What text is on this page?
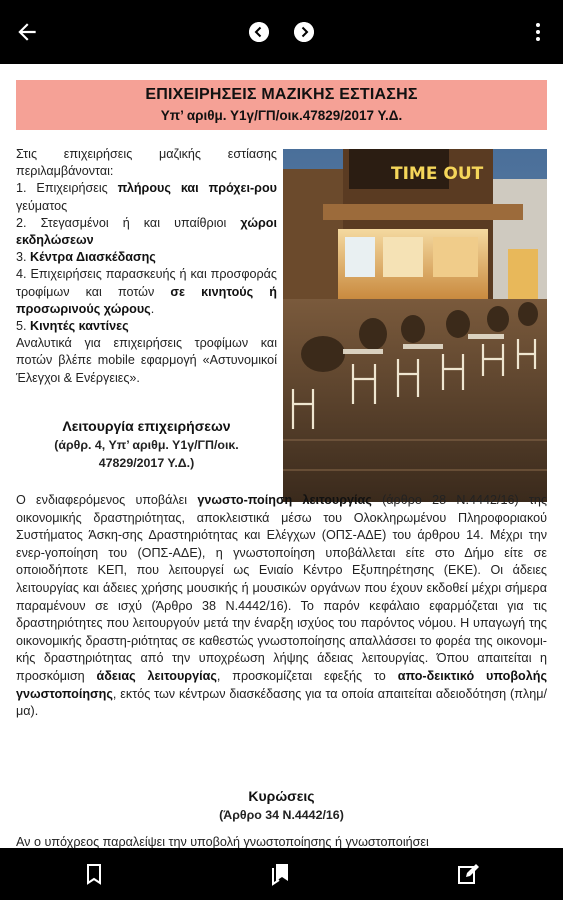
ΕΠΙΧΕΙΡΗΣΕΙΣ ΜΑΖΙΚΗΣ ΕΣΤΙΑΣΗΣ
Υπ’ αριθμ. Υ1γ/ΓΠ/οικ.47829/2017 Υ.Δ.

Στις επιχειρήσεις μαζικής εστίασης περιλαμβάνονται:

1. Επιχειρήσεις πλήρους και πρόχει-ρου γεύματος

2. Στεγασμένοι ή και υπαίθριοι χώροι εκδηλώσεων

3. Κέντρα Διασκέδασης

4. Επιχειρήσεις παρασκευής ή και προσφοράς τροφίμων και ποτών σε κινητούς ή προσωρινούς χώρους.

5. Κινητές καντίνες

Αναλυτικά για επιχειρήσεις τροφίμων και ποτών βλέπε mobile εφαρμογή «Αστυνομικοί Έλεγχοι & Ενέργειες».

TIME OUT
Λειτουργία επιχειρήσεων
(άρθρ. 4, Υπ’ αριθμ. Υ1γ/ΓΠ/οικ.
47829/2017 Υ.Δ.)

Ο ενδιαφερόμενος υποβάλει γνωστο-ποίηση λειτουργίας (άρθρο 28 Ν.4442/16) της οικονομικής δραστηριότητας, αποκλειστικά μέσω του Ολοκληρωμένου Πληροφοριακού Συστήματος Άσκη-σης Δραστηριότητας και Ελέγχων (ΟΠΣ-ΑΔΕ) του άρθρου 14. Μέχρι την ενερ-γοποίηση του (ΟΠΣ-ΑΔΕ), η γνωστοποίηση υποβάλλεται είτε στο Δήμο είτε σε οποιοδήποτε ΚΕΠ, που λειτουργεί ως Ενιαίο Κέντρο Εξυπηρέτησης (ΕΚΕ). Οι άδειες λειτουργίας και άδειες χρήσης μουσικής ή μουσικών οργάνων που έχουν εκδοθεί μέχρι σήμερα παραμένουν σε ισχύ (Άρθρο 38 Ν.4442/16). Το παρόν κεφάλαιο εφαρμόζεται για τις δραστηριότητες που λειτουργούν μετά την έναρξη ισχύος του παρόντος νόμου. Η υπαγωγή της οικονομικής δραστη-ριότητας σε καθεστώς γνωστοποίησης απαλλάσσει το φορέα της οικονομι-κής δραστηριότητας από την υποχρέωση λήψης άδειας λειτουργίας. Όπου απαιτείται η προσκόμιση άδειας λειτουργίας, προσκομίζεται εφεξής το απο-δεικτικό υποβολής γνωστοποίησης, εκτός των κέντρων διασκέδασης για τα οποία απαιτείται αδειοδότηση (πλημ/μα).

Κυρώσεις
(Άρθρο 34 Ν.4442/16)
Αν ο υπόχρεος παραλείψει την υποβολή γνωστοποίησης ή γνωστοποιήσει
